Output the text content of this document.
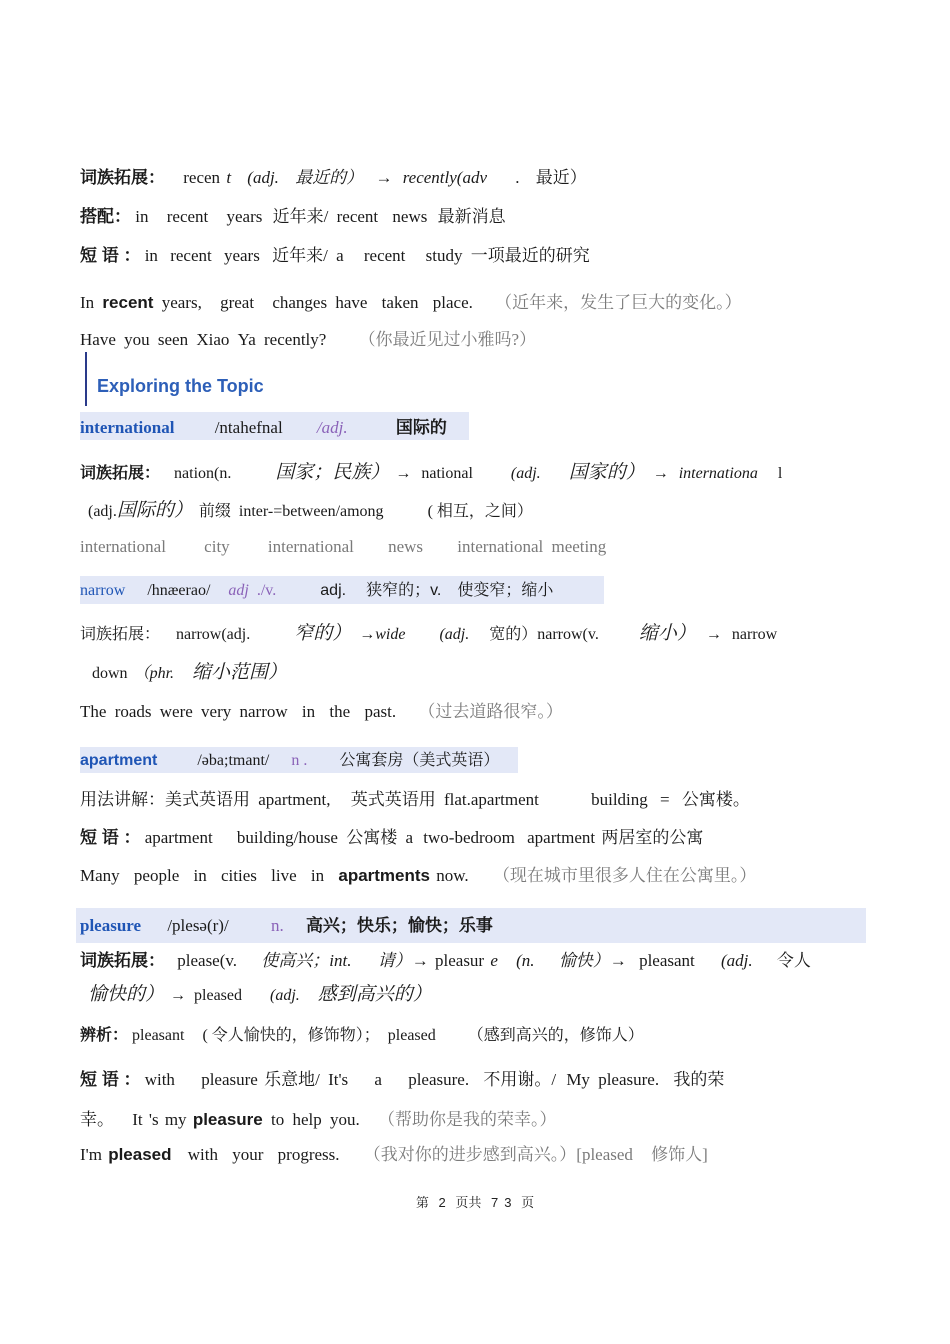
词族拓展： recen t (adj. 最近的） → recently(adv . 最近）
搭配： in recent years 近年来/ recent news 最新消息
短 语 ： in recent years 近年来/ a recent study 一项最近的研究
In recent years, great changes have taken place. （近年来，发生了巨大的变化。）
Have you seen Xiao Ya recently? （你最近见过小雅吗?）
Exploring the Topic
international /ntahefnal /adj.	国际的
词族拓展： nation(n. 国家；民族） → national (adj. 国家的） → internationa l
(adj.国际的） 前缀 inter-=between/among	( 相互，之间）
international city international news international meeting
narrow /hnæerao/ adj ./v.	adj. 狭窄的；v. 使变窄；缩小
词族拓展： narrow(adj. 窄的） →wide (adj. 宽的）narrow(v. 缩小） → narrow
down （phr. 缩小范围）
The roads were very narrow in the past. （过去道路很窄。）
apartment	/əba;tmant/ n . 公寓套房（美式英语）
用法讲解：美式英语用 apartment, 英式英语用 flat.apartment	building = 公寓楼。
短 语 ： apartment building/house 公寓楼 a two-bedroom apartment 两居室的公寓
Many people in cities live in apartments now. （现在城市里很多人住在公寓里。）
pleasure /plesə(r)/ n. 高兴；快乐；愉快；乐事
词族拓展： please(v. 使高兴；int. 请）→ pleasur e (n. 愉快）→ pleasant (adj. 令人
愉快的） → pleased (adj. 感到高兴的）
辨析： pleasant ( 令人愉快的，修饰物）； pleased （感到高兴的，修饰人）
短 语 ： with pleasure 乐意地/ It's a pleasure. 不用谢。/ My pleasure. 我的荣
幸。 It 's my pleasure to help you. （帮助你是我的荣幸。）
I'm pleased with your progress. （我对你的进步感到高兴。）[pleased 修饰人]
第 2 页共 7 3 页
